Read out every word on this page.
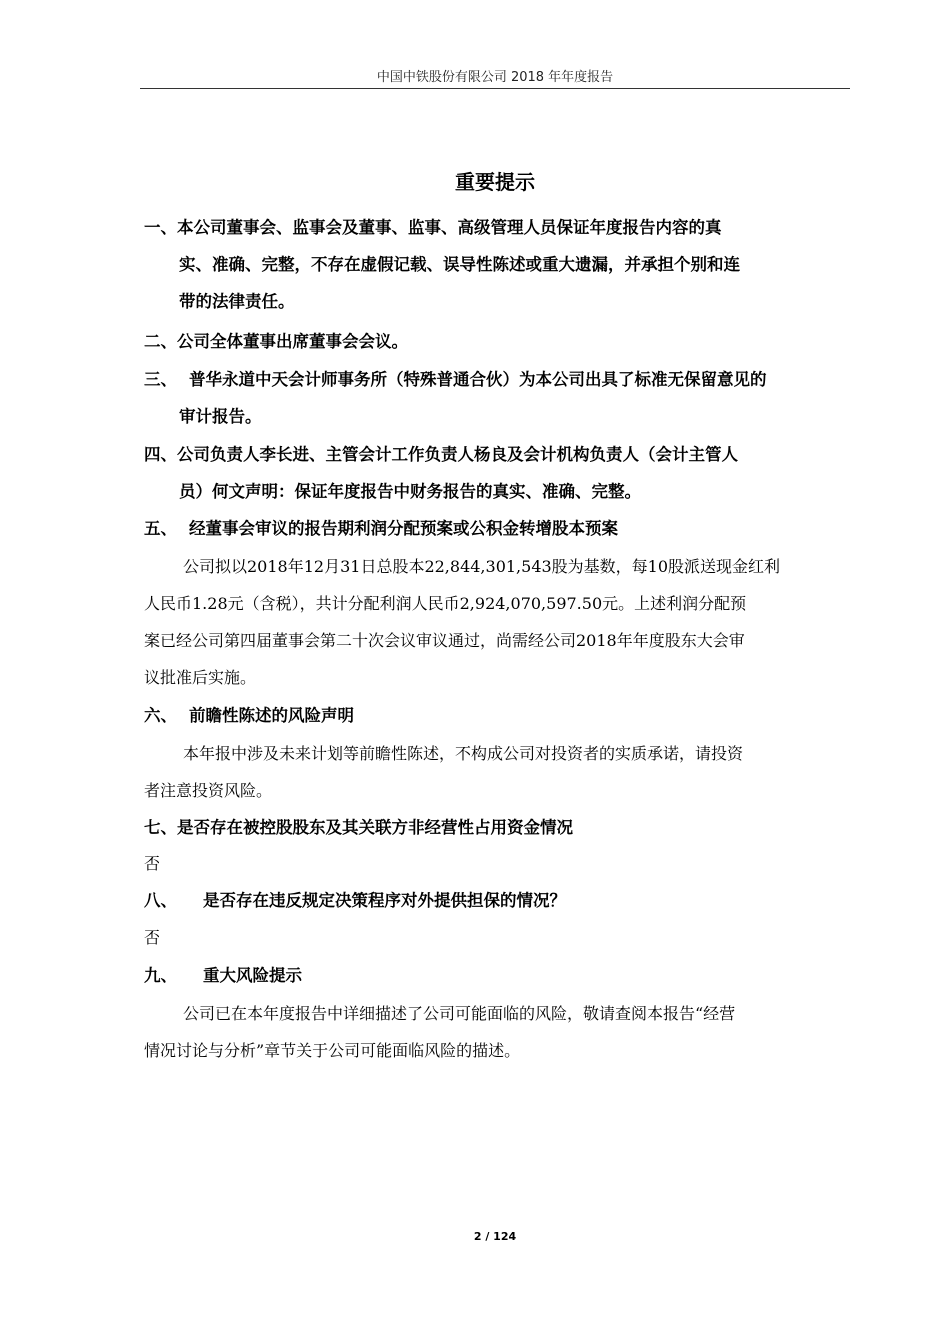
中国中铁股份有限公司 2018 年年度报告
重要提示
一、本公司董事会、监事会及董事、监事、高级管理人员保证年度报告内容的真
实、准确、完整，不存在虚假记载、误导性陈述或重大遗漏，并承担个别和连
带的法律责任。
二、公司全体董事出席董事会会议。
三、 普华永道中天会计师事务所（特殊普通合伙）为本公司出具了标准无保留意见的
审计报告。
四、公司负责人李长进、主管会计工作负责人杨良及会计机构负责人（会计主管人
员）何文声明：保证年度报告中财务报告的真实、准确、完整。
五、 经董事会审议的报告期利润分配预案或公积金转增股本预案
公司拟以2018年12月31日总股本22,844,301,543股为基数，每10股派送现金红利
人民币1.28元（含税），共计分配利润人民币2,924,070,597.50元。上述利润分配预
案已经公司第四届董事会第二十次会议审议通过，尚需经公司2018年年度股东大会审
议批准后实施。
六、 前瞻性陈述的风险声明
本年报中涉及未来计划等前瞻性陈述，不构成公司对投资者的实质承诺，请投资
者注意投资风险。
七、是否存在被控股股东及其关联方非经营性占用资金情况
否
八、 是否存在违反规定决策程序对外提供担保的情况？
否
九、 重大风险提示
公司已在本年度报告中详细描述了公司可能面临的风险，敬请查阅本报告“经营
情况讨论与分析”章节关于公司可能面临风险的描述。
2 / 124
